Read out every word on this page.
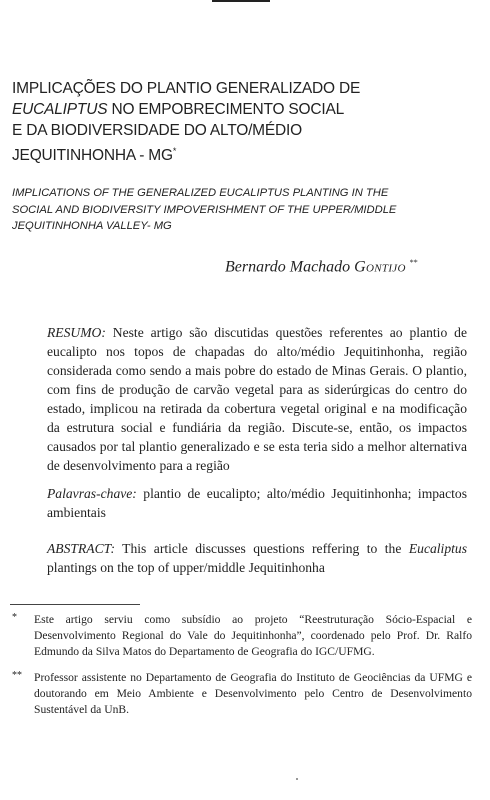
IMPLICAÇÕES DO PLANTIO GENERALIZADO DE
EUCALIPTUS NO EMPOBRECIMENTO SOCIAL
E DA BIODIVERSIDADE DO ALTO/MÉDIO
JEQUITINHONHA - MG*
IMPLICATIONS OF THE GENERALIZED EUCALIPTUS PLANTING IN THE
SOCIAL AND BIODIVERSITY IMPOVERISHMENT OF THE UPPER/MIDDLE
JEQUITINHONHA VALLEY- MG
Bernardo Machado Gontijo **

RESUMO: Neste artigo são discutidas questões referentes ao plantio de eucalipto nos topos de chapadas do alto/médio Jequitinhonha, região considerada como sendo a mais pobre do estado de Minas Gerais. O plantio, com fins de produção de carvão vegetal para as siderúrgicas do centro do estado, implicou na retirada da cobertura vegetal original e na modificação da estrutura social e fundiária da região. Discute-se, então, os impactos causados por tal plantio generalizado e se esta teria sido a melhor alternativa de desenvolvimento para a região

Palavras-chave: plantio de eucalipto; alto/médio Jequitinhonha; impactos ambientais

ABSTRACT: This article discusses questions reffering to the Eucaliptus plantings on the top of upper/middle Jequitinhonha

* Este artigo serviu como subsídio ao projeto “Reestruturação Sócio-Espacial e Desenvolvimento Regional do Vale do Jequitinhonha”, coordenado pelo Prof. Dr. Ralfo Edmundo da Silva Matos do Departamento de Geografia do IGC/UFMG.

** Professor assistente no Departamento de Geografia do Instituto de Geociências da UFMG e doutorando em Meio Ambiente e Desenvolvimento pelo Centro de Desenvolvimento Sustentável da UnB.
